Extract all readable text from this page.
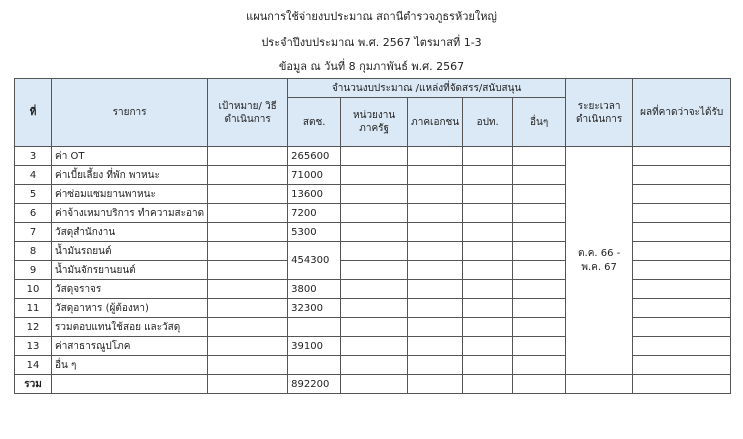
แผนการใช้จ่ายงบประมาณ สถานีตำรวจภูธรห้วยใหญ่
ประจำปีงบประมาณ พ.ศ. 2567 ไตรมาสที่ 1-3
ข้อมูล ณ วันที่ 8 กุมภาพันธ์ พ.ศ. 2567
ที่	รายการ	เป้าหมาย/ วิธีดำเนินการ	จำนวนงบประมาณ /แหล่งที่จัดสรร/สนับสนุน					ระยะเวลา ดำเนินการ	ผลที่คาดว่าจะได้รับ
			สตช.	หน่วยงาน ภาครัฐ	ภาคเอกชน	อปท.	อื่นๆ		
3	ค่า OT		265600					ต.ค. 66 - พ.ค. 67	
4	ค่าเบี้ยเลี้ยง ที่พัก พาหนะ		71000						
5	ค่าซ่อมแซมยานพาหนะ		13600						
6	ค่าจ้างเหมาบริการ ทำความสะอาด		7200						
7	วัสดุสำนักงาน		5300						
8	น้ำมันรถยนต์		454300						
9	น้ำมันจักรยานยนต์								
10	วัสดุจราจร		3800						
11	วัสดุอาหาร (ผู้ต้องหา)		32300						
12	รวมตอบแทนใช้สอย และวัสดุ								
13	ค่าสาธารณูปโภค		39100						
14	อื่น ๆ								
รวม			892200						
